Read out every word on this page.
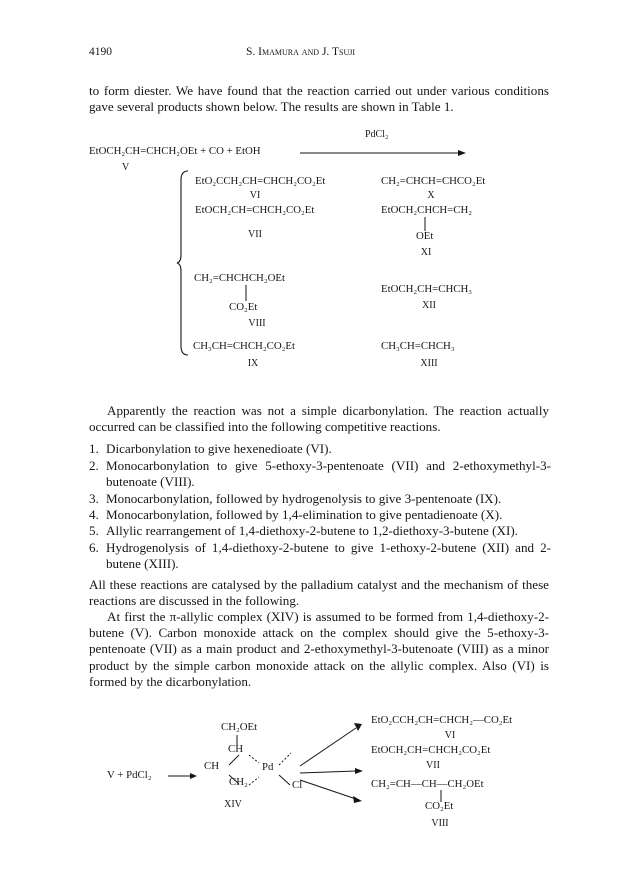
4190	S. Imamura and J. Tsuji
to form diester. We have found that the reaction carried out under various conditions gave several products shown below. The results are shown in Table 1.
EtOCH₂CH=CHCH₂OEt + CO + EtOH
V
PdCl₂
EtO₂CCH₂CH=CHCH₂CO₂Et
VI
EtOCH₂CH=CHCH₂CO₂Et
VII
CH₂=CHCHCH₂OEt
CO₂Et
VIII
CH₃CH=CHCH₂CO₂Et
IX
CH₂=CHCH=CHCO₂Et
X
EtOCH₂CHCH=CH₂
OEt
XI
EtOCH₂CH=CHCH₃
XII
CH₃CH=CHCH₃
XIII
Apparently the reaction was not a simple dicarbonylation. The reaction actually occurred can be classified into the following competitive reactions.
1. Dicarbonylation to give hexenedioate (VI).
2. Monocarbonylation to give 5-ethoxy-3-pentenoate (VII) and 2-ethoxymethyl-3-butenoate (VIII).
3. Monocarbonylation, followed by hydrogenolysis to give 3-pentenoate (IX).
4. Monocarbonylation, followed by 1,4-elimination to give pentadienoate (X).
5. Allylic rearrangement of 1,4-diethoxy-2-butene to 1,2-diethoxy-3-butene (XI).
6. Hydrogenolysis of 1,4-diethoxy-2-butene to give 1-ethoxy-2-butene (XII) and 2-butene (XIII).
All these reactions are catalysed by the palladium catalyst and the mechanism of these reactions are discussed in the following.
At first the π-allylic complex (XIV) is assumed to be formed from 1,4-diethoxy-2-butene (V). Carbon monoxide attack on the complex should give the 5-ethoxy-3-pentenoate (VII) as a main product and 2-ethoxymethyl-3-butenoate (VIII) as a minor product by the simple carbon monoxide attack on the allylic complex. Also (VI) is formed by the dicarbonylation.
V + PdCl₂ →
CH₂OEt
CH
CH
CH₂
Pd
Cl
XIV
EtO₂CCH₂CH=CHCH₂—CO₂Et
VI
EtOCH₂CH=CHCH₂CO₂Et
VII
CH₂=CH—CH—CH₂OEt
CO₂Et
VIII
